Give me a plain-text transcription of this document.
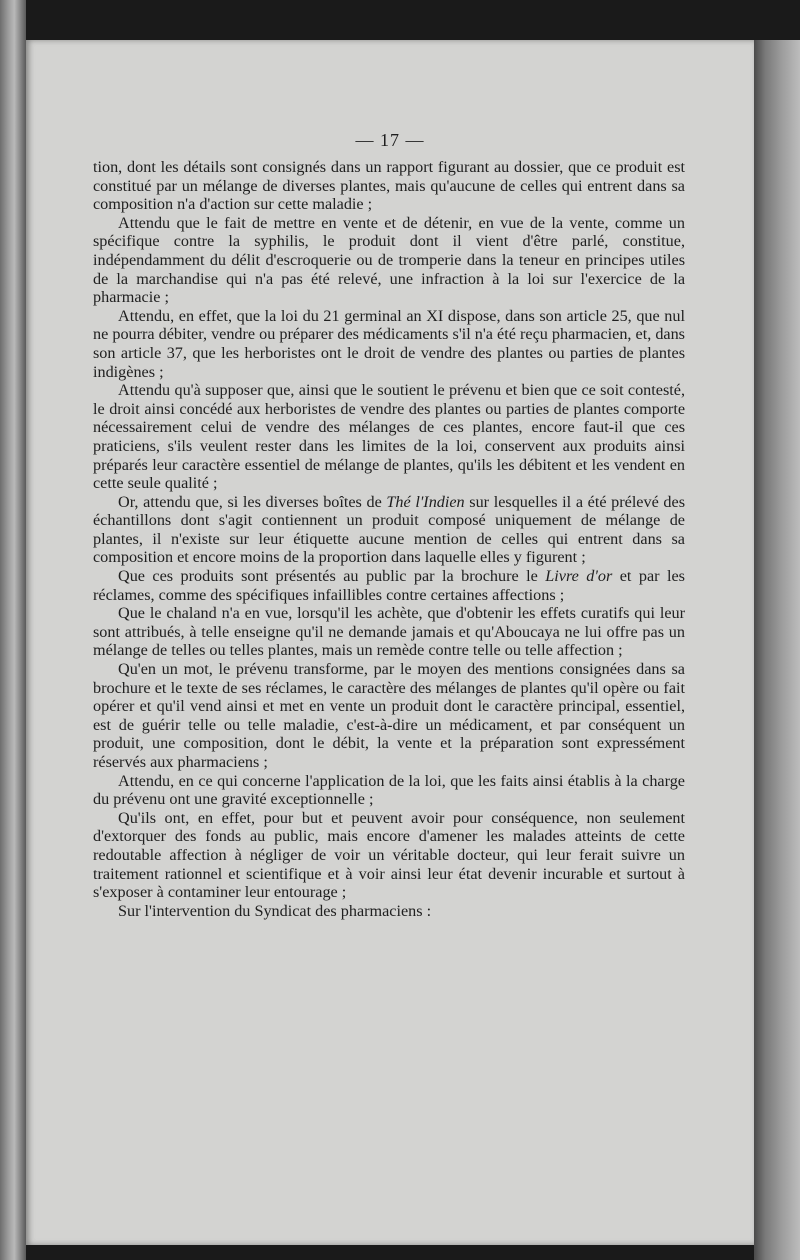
— 17 —

tion, dont les détails sont consignés dans un rapport figurant au dossier, que ce produit est constitué par un mélange de diverses plantes, mais qu'aucune de celles qui entrent dans sa composition n'a d'action sur cette maladie ;

Attendu que le fait de mettre en vente et de détenir, en vue de la vente, comme un spécifique contre la syphilis, le produit dont il vient d'être parlé, constitue, indépendamment du délit d'escroquerie ou de tromperie dans la teneur en principes utiles de la marchandise qui n'a pas été relevé, une infraction à la loi sur l'exercice de la pharmacie ;

Attendu, en effet, que la loi du 21 germinal an XI dispose, dans son article 25, que nul ne pourra débiter, vendre ou préparer des médicaments s'il n'a été reçu pharmacien, et, dans son article 37, que les herboristes ont le droit de vendre des plantes ou parties de plantes indigènes ;

Attendu qu'à supposer que, ainsi que le soutient le prévenu et bien que ce soit contesté, le droit ainsi concédé aux herboristes de vendre des plantes ou parties de plantes comporte nécessairement celui de vendre des mélanges de ces plantes, encore faut-il que ces praticiens, s'ils veulent rester dans les limites de la loi, conservent aux produits ainsi préparés leur caractère essentiel de mélange de plantes, qu'ils les débitent et les vendent en cette seule qualité ;

Or, attendu que, si les diverses boîtes de Thé l'Indien sur lesquelles il a été prélevé des échantillons dont s'agit contiennent un produit composé uniquement de mélange de plantes, il n'existe sur leur étiquette aucune mention de celles qui entrent dans sa composition et encore moins de la proportion dans laquelle elles y figurent ;

Que ces produits sont présentés au public par la brochure le Livre d'or et par les réclames, comme des spécifiques infaillibles contre certaines affections ;

Que le chaland n'a en vue, lorsqu'il les achète, que d'obtenir les effets curatifs qui leur sont attribués, à telle enseigne qu'il ne demande jamais et qu'Aboucaya ne lui offre pas un mélange de telles ou telles plantes, mais un remède contre telle ou telle affection ;

Qu'en un mot, le prévenu transforme, par le moyen des mentions consignées dans sa brochure et le texte de ses réclames, le caractère des mélanges de plantes qu'il opère ou fait opérer et qu'il vend ainsi et met en vente un produit dont le caractère principal, essentiel, est de guérir telle ou telle maladie, c'est-à-dire un médicament, et par conséquent un produit, une composition, dont le débit, la vente et la préparation sont expressément réservés aux pharmaciens ;

Attendu, en ce qui concerne l'application de la loi, que les faits ainsi établis à la charge du prévenu ont une gravité exceptionnelle ;

Qu'ils ont, en effet, pour but et peuvent avoir pour conséquence, non seulement d'extorquer des fonds au public, mais encore d'amener les malades atteints de cette redoutable affection à négliger de voir un véritable docteur, qui leur ferait suivre un traitement rationnel et scientifique et à voir ainsi leur état devenir incurable et surtout à s'exposer à contaminer leur entourage ;

Sur l'intervention du Syndicat des pharmaciens :
